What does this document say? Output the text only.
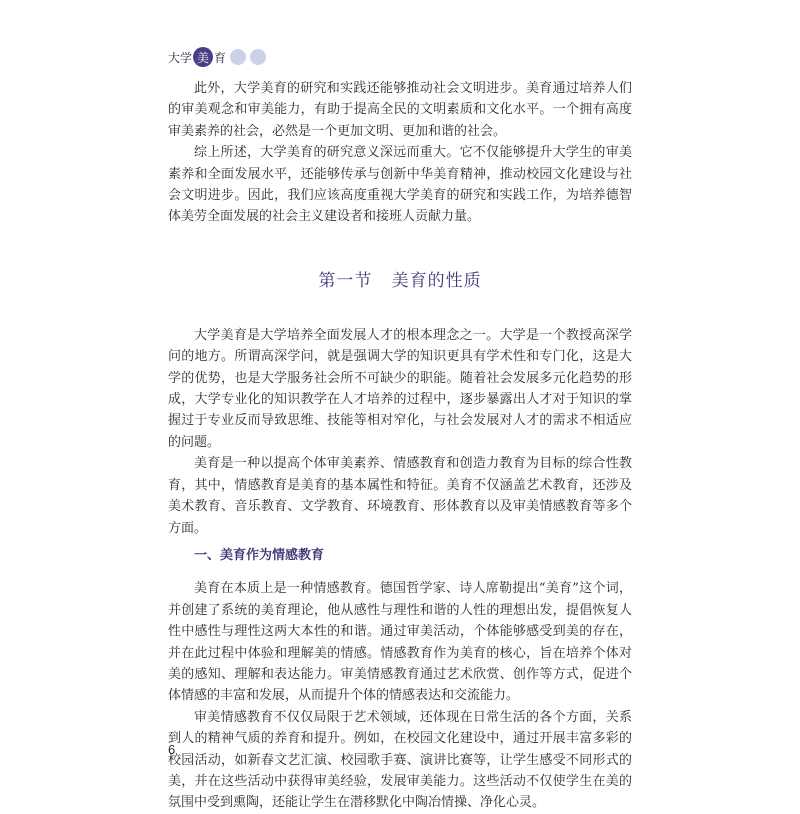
大学 美 育

此外，大学美育的研究和实践还能够推动社会文明进步。美育通过培养人们的审美观念和审美能力，有助于提高全民的文明素质和文化水平。一个拥有高度审美素养的社会，必然是一个更加文明、更加和谐的社会。

综上所述，大学美育的研究意义深远而重大。它不仅能够提升大学生的审美素养和全面发展水平，还能够传承与创新中华美育精神，推动校园文化建设与社会文明进步。因此，我们应该高度重视大学美育的研究和实践工作，为培养德智体美劳全面发展的社会主义建设者和接班人贡献力量。

第一节   美育的性质

大学美育是大学培养全面发展人才的根本理念之一。大学是一个教授高深学问的地方。所谓高深学问，就是强调大学的知识更具有学术性和专门化，这是大学的优势，也是大学服务社会所不可缺少的职能。随着社会发展多元化趋势的形成，大学专业化的知识教学在人才培养的过程中，逐步暴露出人才对于知识的掌握过于专业反而导致思维、技能等相对窄化，与社会发展对人才的需求不相适应的问题。

美育是一种以提高个体审美素养、情感教育和创造力教育为目标的综合性教育，其中，情感教育是美育的基本属性和特征。美育不仅涵盖艺术教育，还涉及美术教育、音乐教育、文学教育、环境教育、形体教育以及审美情感教育等多个方面。

一、美育作为情感教育

美育在本质上是一种情感教育。德国哲学家、诗人席勒提出“美育”这个词，并创建了系统的美育理论，他从感性与理性和谐的人性的理想出发，提倡恢复人性中感性与理性这两大本性的和谐。通过审美活动，个体能够感受到美的存在，并在此过程中体验和理解美的情感。情感教育作为美育的核心，旨在培养个体对美的感知、理解和表达能力。审美情感教育通过艺术欣赏、创作等方式，促进个体情感的丰富和发展，从而提升个体的情感表达和交流能力。

审美情感教育不仅仅局限于艺术领域，还体现在日常生活的各个方面，关系到人的精神气质的养育和提升。例如，在校园文化建设中，通过开展丰富多彩的校园活动，如新春文艺汇演、校园歌手赛、演讲比赛等，让学生感受不同形式的美，并在这些活动中获得审美经验，发展审美能力。这些活动不仅使学生在美的氛围中受到熏陶，还能让学生在潜移默化中陶冶情操、净化心灵。

6
